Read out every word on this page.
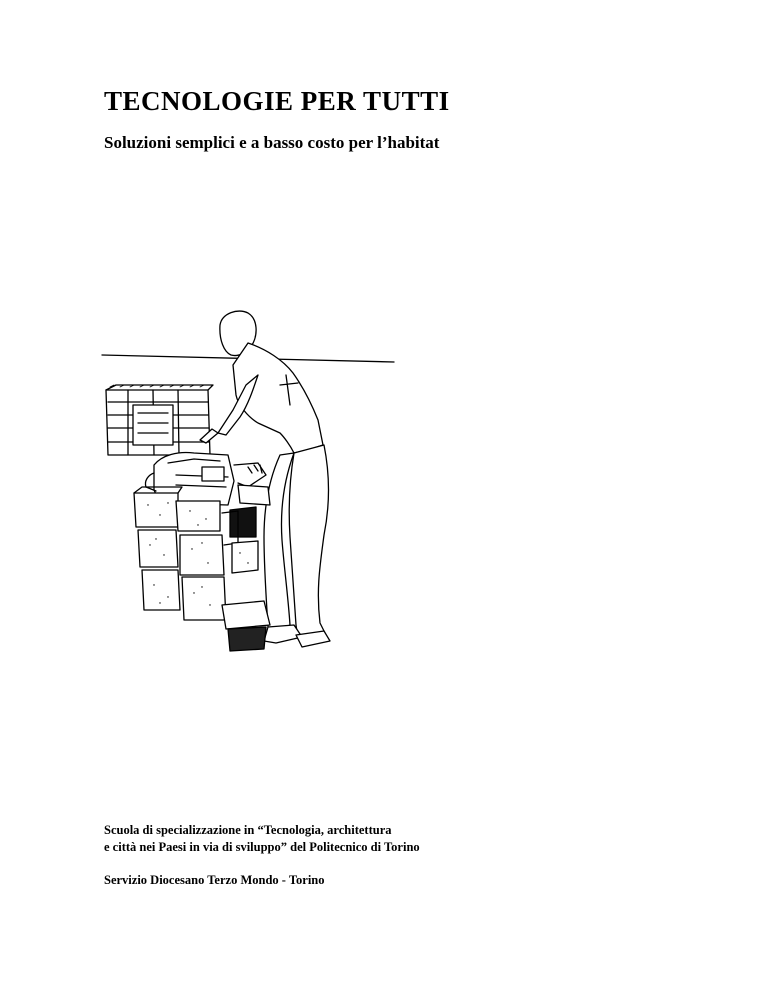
TECNOLOGIE PER TUTTI
Soluzioni semplici e a basso costo per l’habitat
Scuola di specializzazione in “Tecnologia, architettura
e città nei Paesi in via di sviluppo” del Politecnico di Torino
Servizio Diocesano Terzo Mondo - Torino
